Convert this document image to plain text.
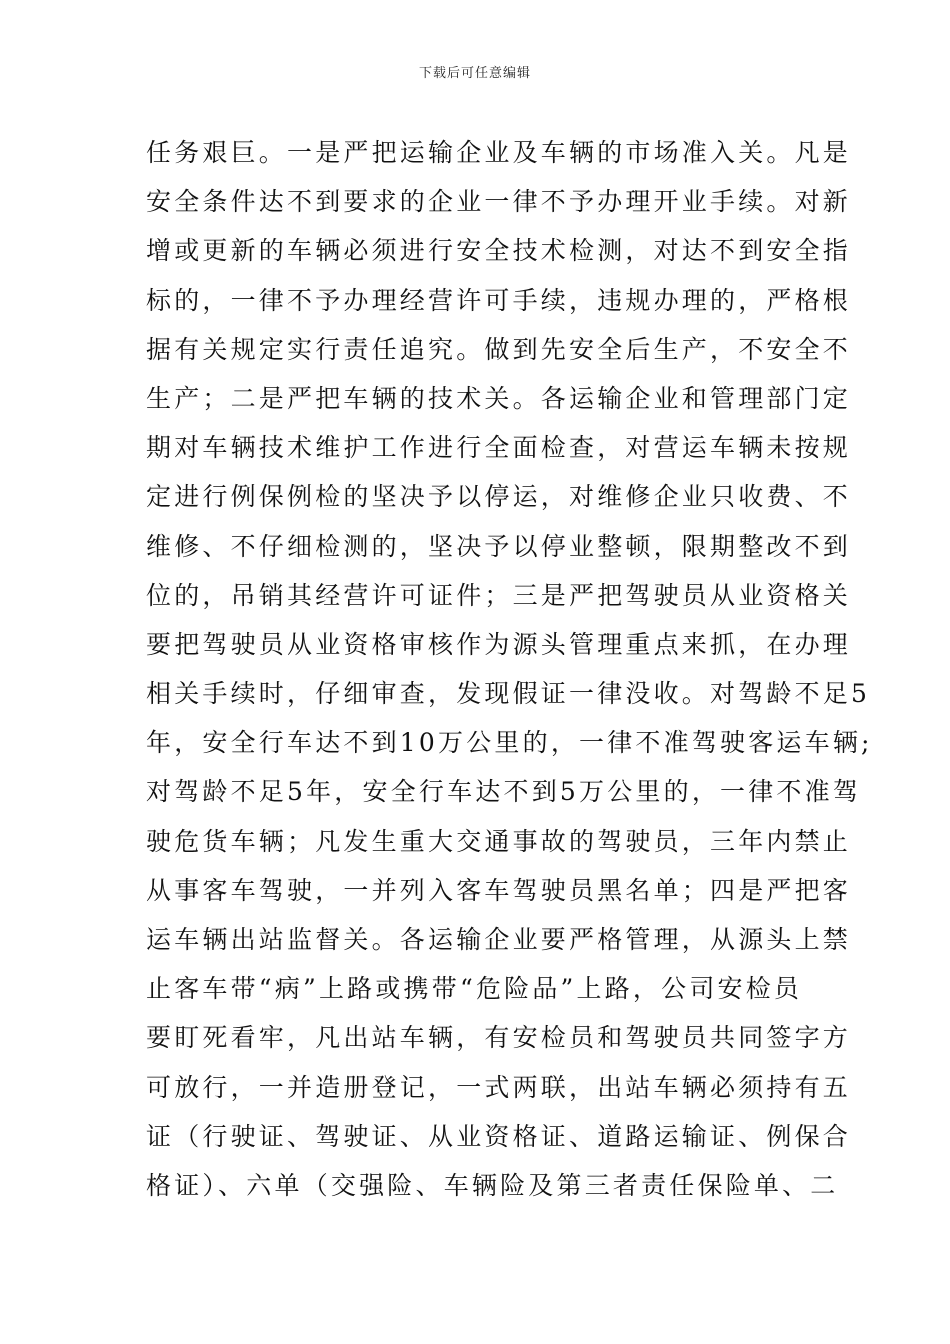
下载后可任意编辑
任务艰巨。一是严把运输企业及车辆的市场准入关。凡是
安全条件达不到要求的企业一律不予办理开业手续。对新
增或更新的车辆必须进行安全技术检测，对达不到安全指
标的，一律不予办理经营许可手续，违规办理的，严格根
据有关规定实行责任追究。做到先安全后生产，不安全不
生产；二是严把车辆的技术关。各运输企业和管理部门定
期对车辆技术维护工作进行全面检查，对营运车辆未按规
定进行例保例检的坚决予以停运，对维修企业只收费、不
维修、不仔细检测的，坚决予以停业整顿，限期整改不到
位的，吊销其经营许可证件；三是严把驾驶员从业资格关
要把驾驶员从业资格审核作为源头管理重点来抓，在办理
相关手续时，仔细审查，发现假证一律没收。对驾龄不足5
年，安全行车达不到10万公里的，一律不准驾驶客运车辆;
对驾龄不足5年，安全行车达不到5万公里的，一律不准驾
驶危货车辆；凡发生重大交通事故的驾驶员，三年内禁止
从事客车驾驶，一并列入客车驾驶员黑名单；四是严把客
运车辆出站监督关。各运输企业要严格管理，从源头上禁
止客车带“病”上路或携带“危险品”上路，公司安检员
要盯死看牢，凡出站车辆，有安检员和驾驶员共同签字方
可放行，一并造册登记，一式两联，出站车辆必须持有五
证（行驶证、驾驶证、从业资格证、道路运输证、例保合
格证）、六单（交强险、车辆险及第三者责任保险单、二
